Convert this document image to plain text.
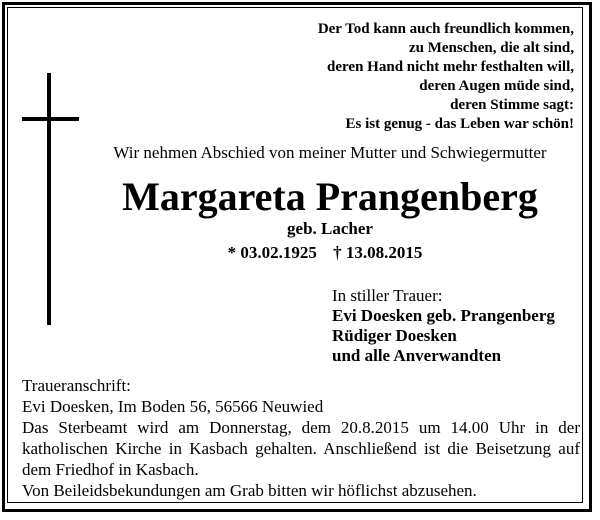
Der Tod kann auch freundlich kommen,
zu Menschen, die alt sind,
deren Hand nicht mehr festhalten will,
deren Augen müde sind,
deren Stimme sagt:
Es ist genug - das Leben war schön!
Wir nehmen Abschied von meiner Mutter und Schwiegermutter
Margareta Prangenberg
geb. Lacher
* 03.02.1925 † 13.08.2015
In stiller Trauer:
Evi Doesken geb. Prangenberg
Rüdiger Doesken
und alle Anverwandten
Traueranschrift:
Evi Doesken, Im Boden 56, 56566 Neuwied
Das Sterbeamt wird am Donnerstag, dem 20.8.2015 um 14.00 Uhr in der
katholischen Kirche in Kasbach gehalten. Anschließend ist die Beisetzung auf
dem Friedhof in Kasbach.
Von Beileidsbekundungen am Grab bitten wir höflichst abzusehen.
